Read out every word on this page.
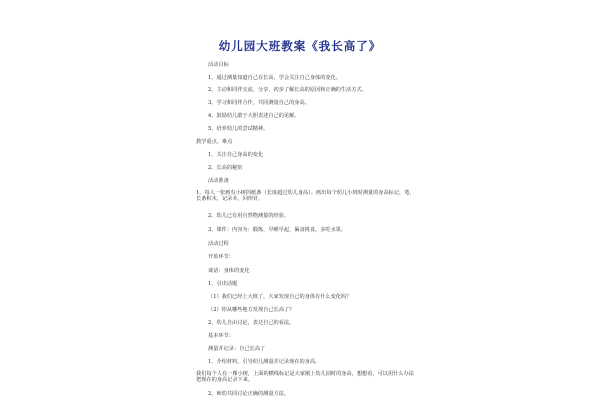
幼儿园大班教案《我长高了》
活动目标
1、通过测量知道自己在长高，学会关注自己身体的变化。
2、主动和同伴交流、分享，初步了解长高的原因和正确的生活方式。
3、学习和同伴合作，共同测量自己的身高。
4、鼓励幼儿敢于大胆表述自己的见解。
5、培养幼儿的尝试精神。
教学重点、难点
1、关注自己身高的变化
2、长高的秘密
活动准备
1、每人一张画有小树的纸条（长度超过幼儿身高）。画出每个幼儿小班时测量的身高标记，笔，长条积木，记录本，回形针。
2、幼儿已有用自然物测量的经验。
3、课件：内容为：锻炼，早睡早起，偏食挑食，多吃水果。
活动过程
开始环节：
谈话：身体的变化
1、引出话题
（1）我们已经上大班了，大家发现自己的身体有什么变化吗？
（2）你从哪些地方发现自己长高了？
2、幼儿自由讨论，表达自己的看法。
基本环节：
测量并记录：自己长高了
1、介绍材料，引导幼儿测量并记录现在的身高。
我们每个人有一棵小树，上面的横线标记是大家刚上幼儿园时的身高，想想看，可以用什么办法把现在的身高记录下来。
2、师幼共同讨论正确的测量方法。
